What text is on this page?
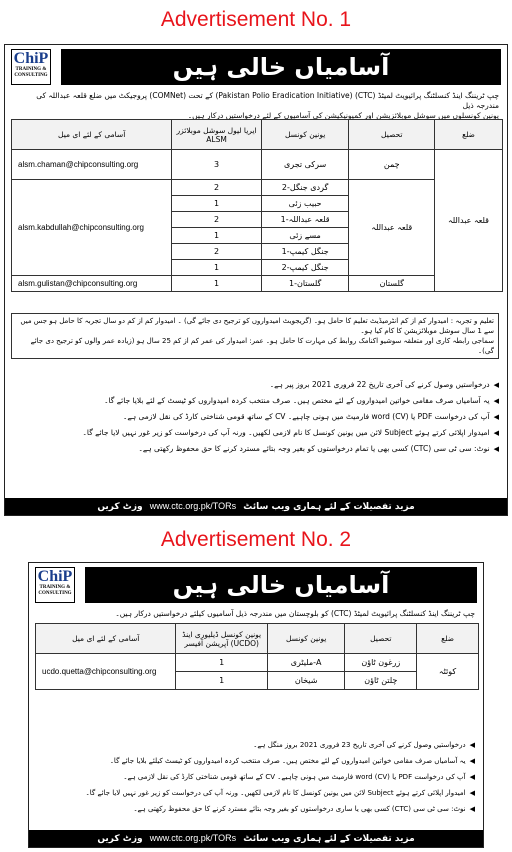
Advertisement No. 1
ChiP
TRAINING & CONSULTING	آسامیاں خالی ہیں
چپ ٹریننگ اینڈ کنسلٹنگ پرائیویٹ لمیٹڈ (CTC) (Pakistan Polio Eradication Initiative) کے تحت (COMNet) پروجیکٹ میں ضلع قلعہ عبداللہ کی مندرجہ ذیل
یونین کونسلوں میں سوشل موبلائزیشن اور کمیونیکیشن کی آسامیوں کے لئے درخواستیں درکار ہیں۔
آسامی کے لئے ای میل	ایریا لیول سوشل موبلائزر ALSM	یونین کونسل	تحصیل	ضلع
alsm.chaman@chipconsulting.org	3	سرکی تجری	چمن	قلعہ عبداللہ
alsm.kabdullah@chipconsulting.org	2	گردی جنگل-2	قلعہ عبداللہ	
	1	حبیب زئی		
	2	قلعہ عبداللہ-1		
	1	مسے زئی		
	2	جنگل کیمپ-1		
	1	جنگل کیمپ-2		
alsm.gulistan@chipconsulting.org	1	گلستان-1	گلستان	
تعلیم و تجربہ : امیدوار کم از کم انٹرمیڈیٹ تعلیم کا حامل ہو۔ (گریجویٹ امیدواروں کو ترجیح دی جائے گی) ۔ امیدوار کم از کم دو سال تجربہ کا حامل ہو جس میں سے 1 سال سوشل موبلائزیشن کا کام کیا ہو۔
سماجی رابطہ کاری اور متعلقہ سوشیو اکنامک روابط کی مہارت کا حامل ہو۔ عمر: امیدوار کی عمر کم از کم 25 سال ہو (زیادہ عمر والوں کو ترجیح دی جائے گی)۔
◀درخواستیں وصول کرنے کی آخری تاریخ 22 فروری 2021 بروز پیر ہے۔
◀یہ آسامیاں صرف مقامی خواتین امیدواروں کے لئے مختص ہیں۔ صرف منتخب کردہ امیدواروں کو ٹیسٹ کے لئے بلایا جائے گا۔
◀آپ کی درخواست PDF یا word (CV) فارمیٹ میں ہونی چاہیے۔ CV کے ساتھ قومی شناختی کارڈ کی نقل لازمی ہے۔
◀امیدوار اپلائی کرتے ہوئے Subject لائن میں یونین کونسل کا نام لازمی لکھیں۔ ورنہ آپ کی درخواست کو زیر غور نہیں لایا جائے گا۔
◀نوٹ: سی ٹی سی (CTC) کسی بھی یا تمام درخواستوں کو بغیر وجہ بتائے مسترد کرنے کا حق محفوظ رکھتی ہے۔
مزید تفصیلات کے لئے ہماری ویب سائٹ www.ctc.org.pk/TORs وزٹ کریں
Advertisement No. 2
ChiP
TRAINING & CONSULTING	آسامیاں خالی ہیں
چپ ٹریننگ اینڈ کنسلٹنگ پرائیویٹ لمیٹڈ (CTC) کو بلوچستان میں مندرجہ ذیل آسامیوں کیلئے درخواستیں درکار ہیں۔
آسامی کے لئے ای میل	یونین کونسل ڈیلیوری اینڈ آپریشن آفیسر (UCDO)	یونین کونسل	تحصیل	ضلع
ucdo.quetta@chipconsulting.org	1	ملیٹری-A	زرغون ٹاؤن	کوئٹہ
	1	شیخان	چلتن ٹاؤن	
◀درخواستیں وصول کرنے کی آخری تاریخ 23 فروری 2021 بروز منگل ہے۔
◀یہ آسامیاں صرف مقامی خواتین امیدواروں کے لئے مختص ہیں۔ صرف منتخب کردہ امیدواروں کو ٹیسٹ کیلئے بلایا جائے گا۔
◀آپ کی درخواست PDF یا word (CV) فارمیٹ میں ہونی چاہیے۔ CV کے ساتھ قومی شناختی کارڈ کی نقل لازمی ہے۔
◀امیدوار اپلائی کرتے ہوئے Subject لائن میں یونین کونسل کا نام لازمی لکھیں۔ ورنہ آپ کی درخواست کو زیر غور نہیں لایا جائے گا۔
◀نوٹ: سی ٹی سی (CTC) کسی بھی یا ساری درخواستوں کو بغیر وجہ بتائے مسترد کرنے کا حق محفوظ رکھتی ہے۔
مزید تفصیلات کے لئے ہماری ویب سائٹ www.ctc.org.pk/TORs وزٹ کریں
